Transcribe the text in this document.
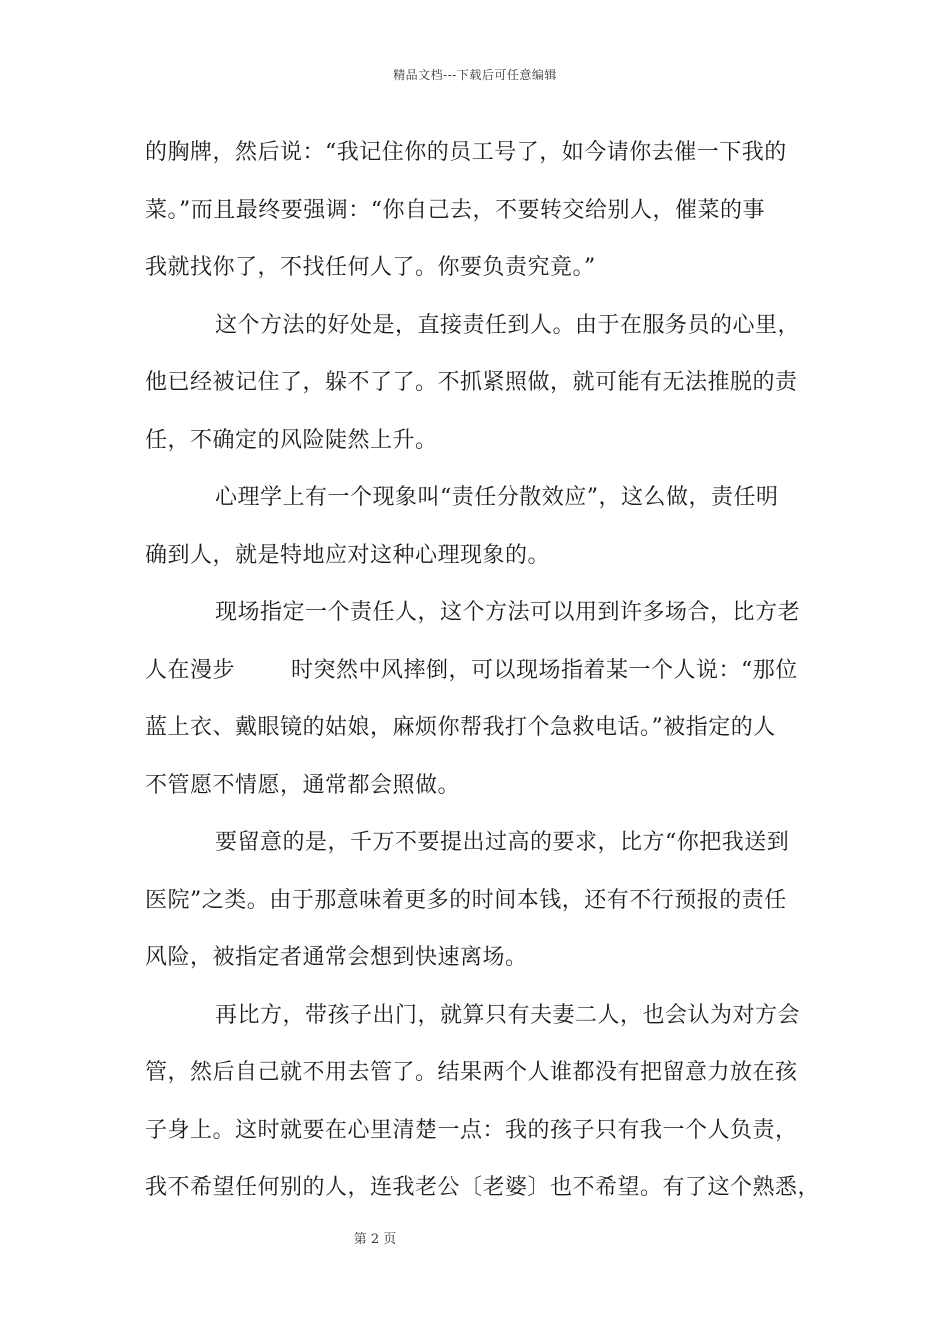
精品文档---下载后可任意编辑
的胸牌，然后说：“我记住你的员工号了，如今请你去催一下我的
菜。”而且最终要强调：“你自己去，不要转交给别人，催菜的事
我就找你了，不找任何人了。你要负责究竟。”
这个方法的好处是，直接责任到人。由于在服务员的心里，
他已经被记住了，躲不了了。不抓紧照做，就可能有无法推脱的责
任，不确定的风险陡然上升。
心理学上有一个现象叫“责任分散效应”，这么做，责任明
确到人，就是特地应对这种心理现象的。
现场指定一个责任人，这个方法可以用到许多场合，比方老
人在漫步	时突然中风摔倒，可以现场指着某一个人说：“那位
蓝上衣、戴眼镜的姑娘，麻烦你帮我打个急救电话。”被指定的人
不管愿不情愿，通常都会照做。
要留意的是，千万不要提出过高的要求，比方“你把我送到
医院”之类。由于那意味着更多的时间本钱，还有不行预报的责任
风险，被指定者通常会想到快速离场。
再比方，带孩子出门，就算只有夫妻二人，也会认为对方会
管，然后自己就不用去管了。结果两个人谁都没有把留意力放在孩
子身上。这时就要在心里清楚一点：我的孩子只有我一个人负责，
我不希望任何别的人，连我老公〔老婆〕也不希望。有了这个熟悉，
第 2 页
